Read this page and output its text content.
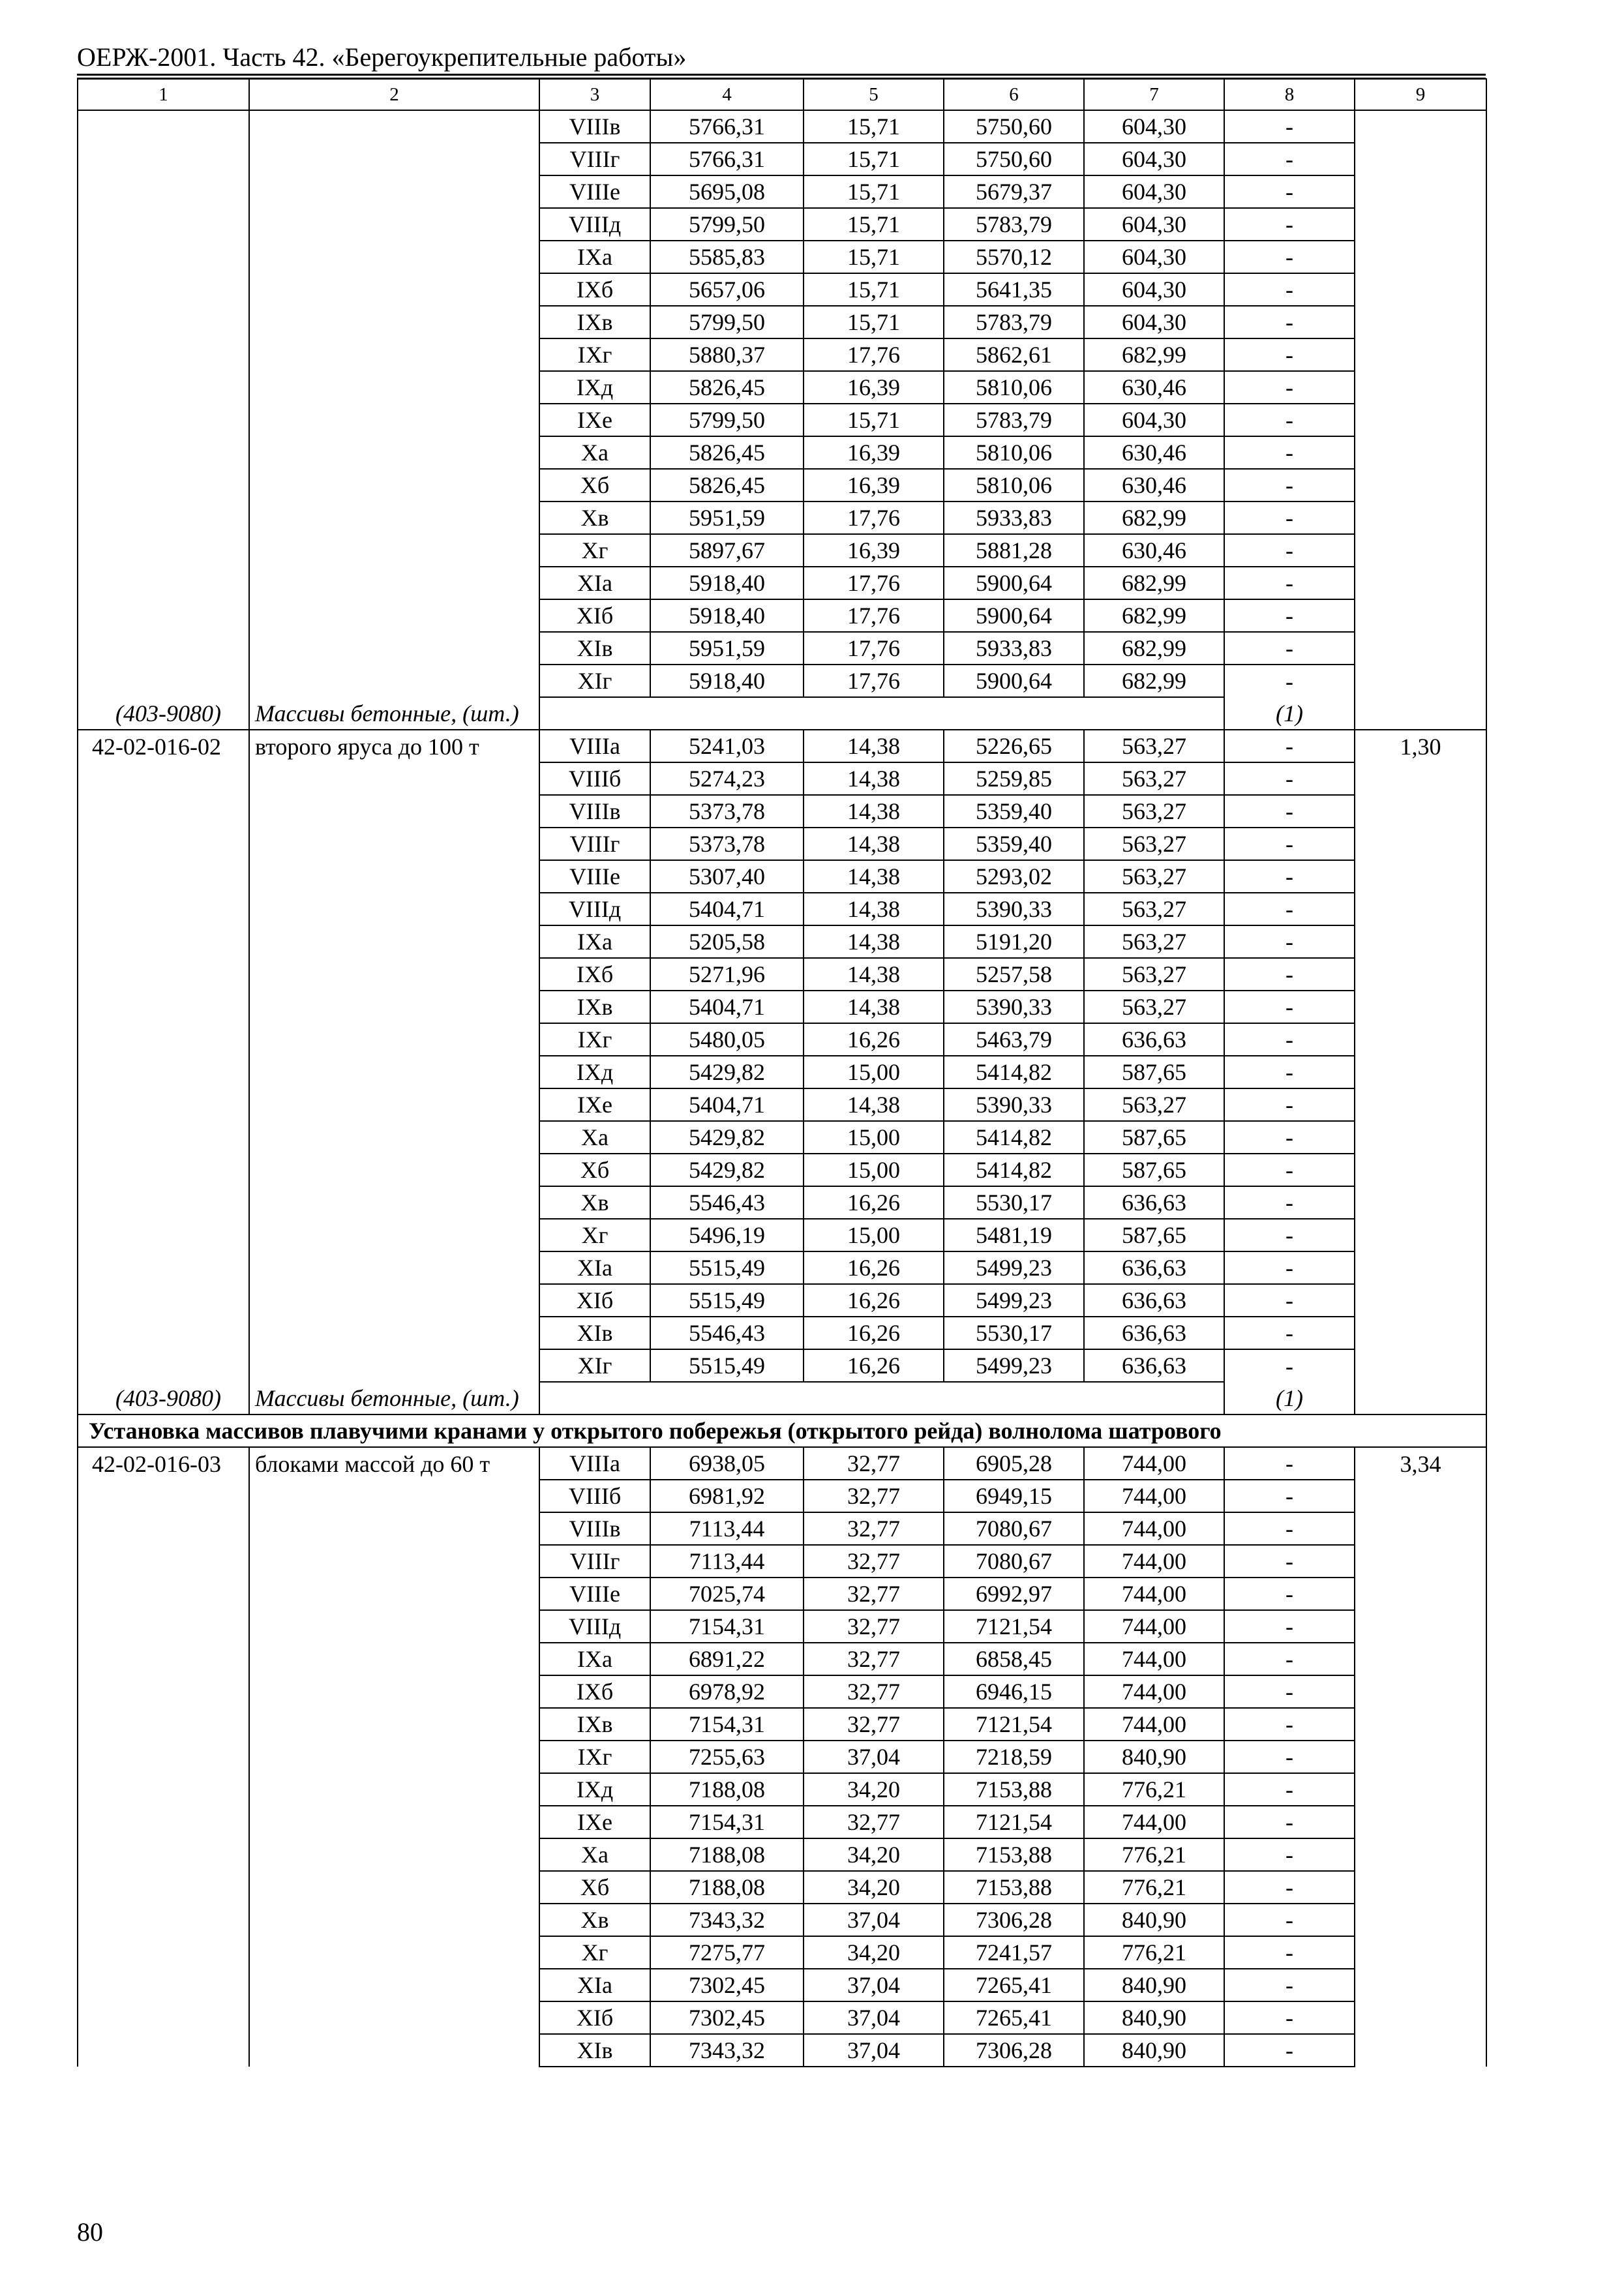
ОЕРЖ-2001. Часть 42. «Берегоукрепительные работы»
1	2	3	4	5	6	7	8	9
		VIIIв	5766,31	15,71	5750,60	604,30	-	
		VIIIг	5766,31	15,71	5750,60	604,30	-	
		VIIIе	5695,08	15,71	5679,37	604,30	-	
		VIIIд	5799,50	15,71	5783,79	604,30	-	
		IXа	5585,83	15,71	5570,12	604,30	-	
		IXб	5657,06	15,71	5641,35	604,30	-	
		IXв	5799,50	15,71	5783,79	604,30	-	
		IXг	5880,37	17,76	5862,61	682,99	-	
		IXд	5826,45	16,39	5810,06	630,46	-	
		IXе	5799,50	15,71	5783,79	604,30	-	
		Xа	5826,45	16,39	5810,06	630,46	-	
		Xб	5826,45	16,39	5810,06	630,46	-	
		Xв	5951,59	17,76	5933,83	682,99	-	
		Xг	5897,67	16,39	5881,28	630,46	-	
		XIа	5918,40	17,76	5900,64	682,99	-	
		XIб	5918,40	17,76	5900,64	682,99	-	
		XIв	5951,59	17,76	5933,83	682,99	-	
		XIг	5918,40	17,76	5900,64	682,99	-	
(403-9080)	Массивы бетонные, (шт.)						(1)	
42-02-016-02	второго яруса до 100 т	VIIIа	5241,03	14,38	5226,65	563,27	-	1,30
		VIIIб	5274,23	14,38	5259,85	563,27	-	
		VIIIв	5373,78	14,38	5359,40	563,27	-	
		VIIIг	5373,78	14,38	5359,40	563,27	-	
		VIIIе	5307,40	14,38	5293,02	563,27	-	
		VIIIд	5404,71	14,38	5390,33	563,27	-	
		IXа	5205,58	14,38	5191,20	563,27	-	
		IXб	5271,96	14,38	5257,58	563,27	-	
		IXв	5404,71	14,38	5390,33	563,27	-	
		IXг	5480,05	16,26	5463,79	636,63	-	
		IXд	5429,82	15,00	5414,82	587,65	-	
		IXе	5404,71	14,38	5390,33	563,27	-	
		Xа	5429,82	15,00	5414,82	587,65	-	
		Xб	5429,82	15,00	5414,82	587,65	-	
		Xв	5546,43	16,26	5530,17	636,63	-	
		Xг	5496,19	15,00	5481,19	587,65	-	
		XIа	5515,49	16,26	5499,23	636,63	-	
		XIб	5515,49	16,26	5499,23	636,63	-	
		XIв	5546,43	16,26	5530,17	636,63	-	
		XIг	5515,49	16,26	5499,23	636,63	-	
(403-9080)	Массивы бетонные, (шт.)						(1)	
Установка массивов плавучими кранами у открытого побережья (открытого рейда) волнолома шатрового								
42-02-016-03	блоками массой до 60 т	VIIIа	6938,05	32,77	6905,28	744,00	-	3,34
		VIIIб	6981,92	32,77	6949,15	744,00	-	
		VIIIв	7113,44	32,77	7080,67	744,00	-	
		VIIIг	7113,44	32,77	7080,67	744,00	-	
		VIIIе	7025,74	32,77	6992,97	744,00	-	
		VIIIд	7154,31	32,77	7121,54	744,00	-	
		IXа	6891,22	32,77	6858,45	744,00	-	
		IXб	6978,92	32,77	6946,15	744,00	-	
		IXв	7154,31	32,77	7121,54	744,00	-	
		IXг	7255,63	37,04	7218,59	840,90	-	
		IXд	7188,08	34,20	7153,88	776,21	-	
		IXе	7154,31	32,77	7121,54	744,00	-	
		Xа	7188,08	34,20	7153,88	776,21	-	
		Xб	7188,08	34,20	7153,88	776,21	-	
		Xв	7343,32	37,04	7306,28	840,90	-	
		Xг	7275,77	34,20	7241,57	776,21	-	
		XIа	7302,45	37,04	7265,41	840,90	-	
		XIб	7302,45	37,04	7265,41	840,90	-	
		XIв	7343,32	37,04	7306,28	840,90	-	
80
